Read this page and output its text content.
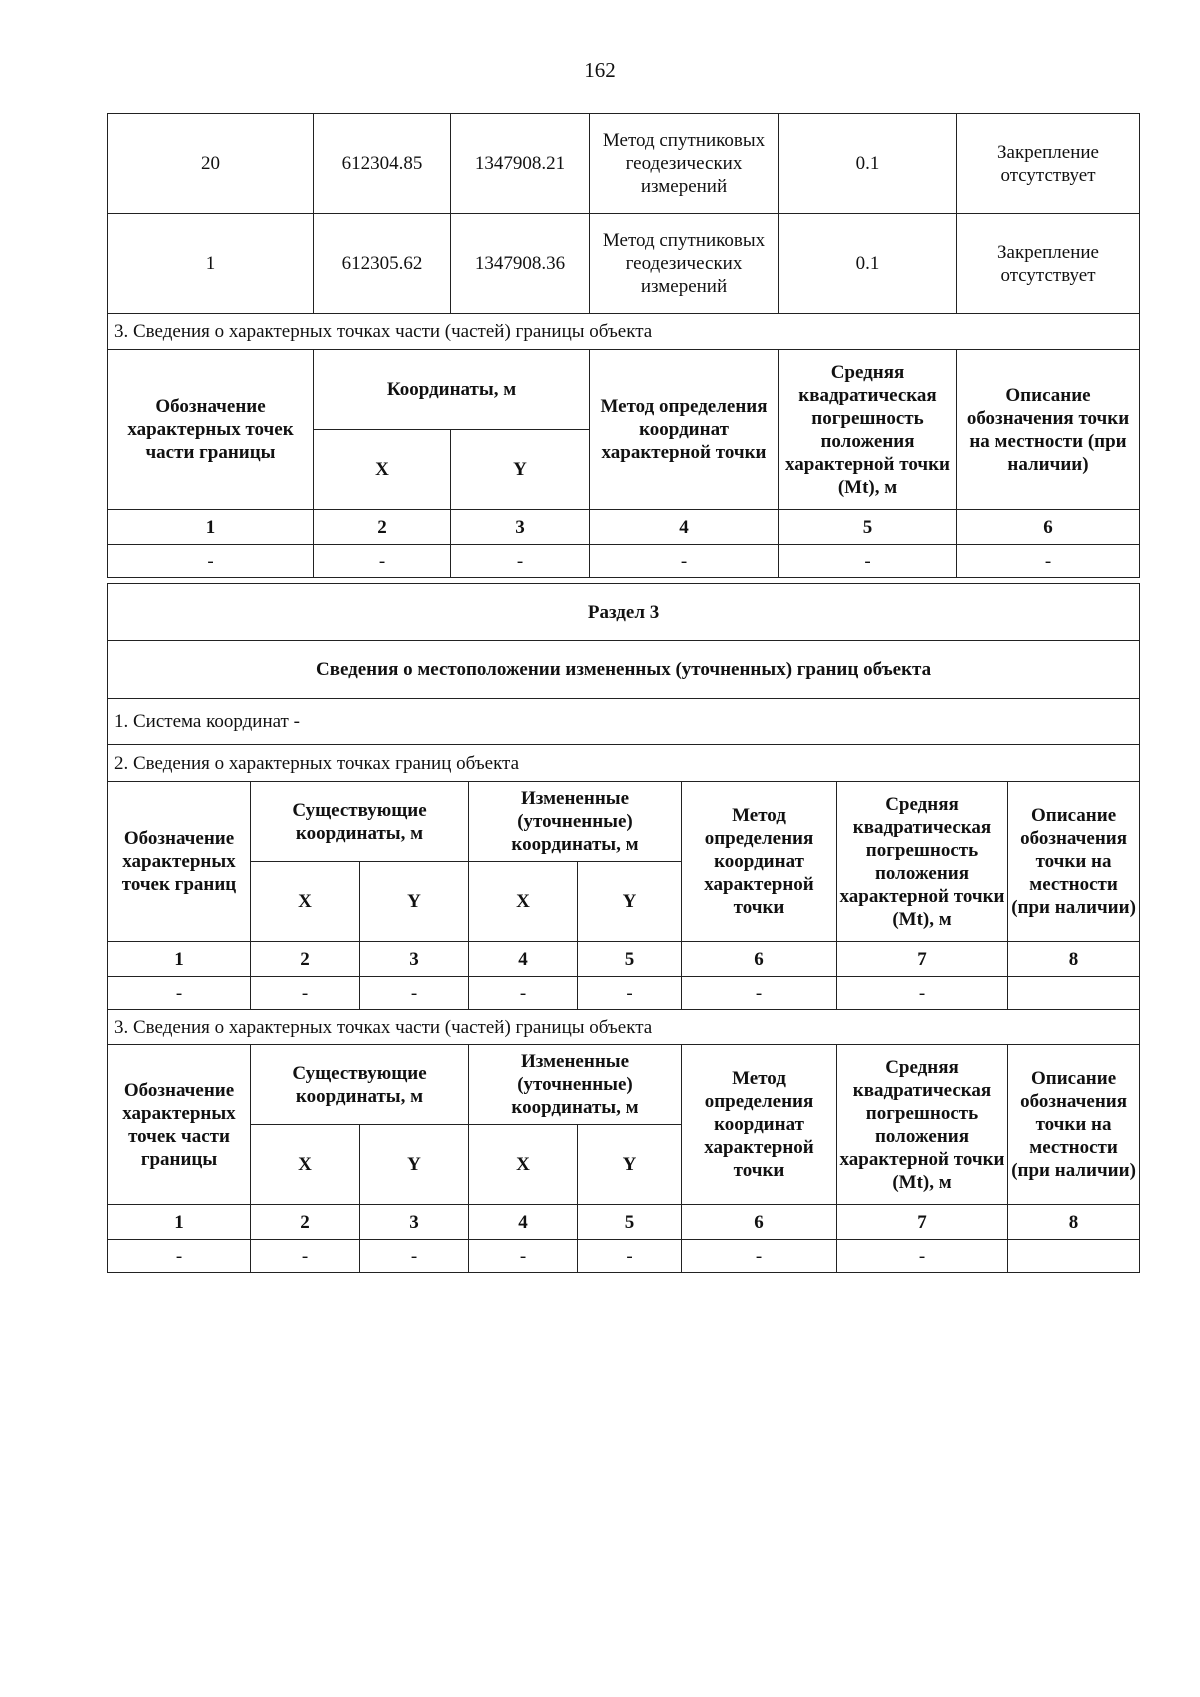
162
20	612304.85	1347908.21	Метод спутниковых геодезических измерений	0.1	Закрепление отсутствует
1	612305.62	1347908.36	Метод спутниковых геодезических измерений	0.1	Закрепление отсутствует
3. Сведения о характерных точках части (частей) границы объекта					
Обозначение характерных точек части границы	Координаты, м		Метод определения координат характерной точки	Средняя квадратическая погрешность положения характерной точки (Mt), м	Описание обозначения точки на местности (при наличии)
	X	Y			
1	2	3	4	5	6
-	-	-	-	-	-
Раздел 3							
Сведения о местоположении измененных (уточненных) границ объекта							
1. Система координат -							
2. Сведения о характерных точках границ объекта							
Обозначение характерных точек границ	Существующие координаты, м		Измененные (уточненные) координаты, м		Метод определения координат характерной точки	Средняя квадратическая погрешность положения характерной точки (Mt), м	Описание обозначения точки на местности (при наличии)
	X	Y	X	Y			
1	2	3	4	5	6	7	8
-	-	-	-	-	-	-	
3. Сведения о характерных точках части (частей) границы объекта							
Обозначение характерных точек части границы	Существующие координаты, м		Измененные (уточненные) координаты, м		Метод определения координат характерной точки	Средняя квадратическая погрешность положения характерной точки (Mt), м	Описание обозначения точки на местности (при наличии)
	X	Y	X	Y			
1	2	3	4	5	6	7	8
-	-	-	-	-	-	-	
